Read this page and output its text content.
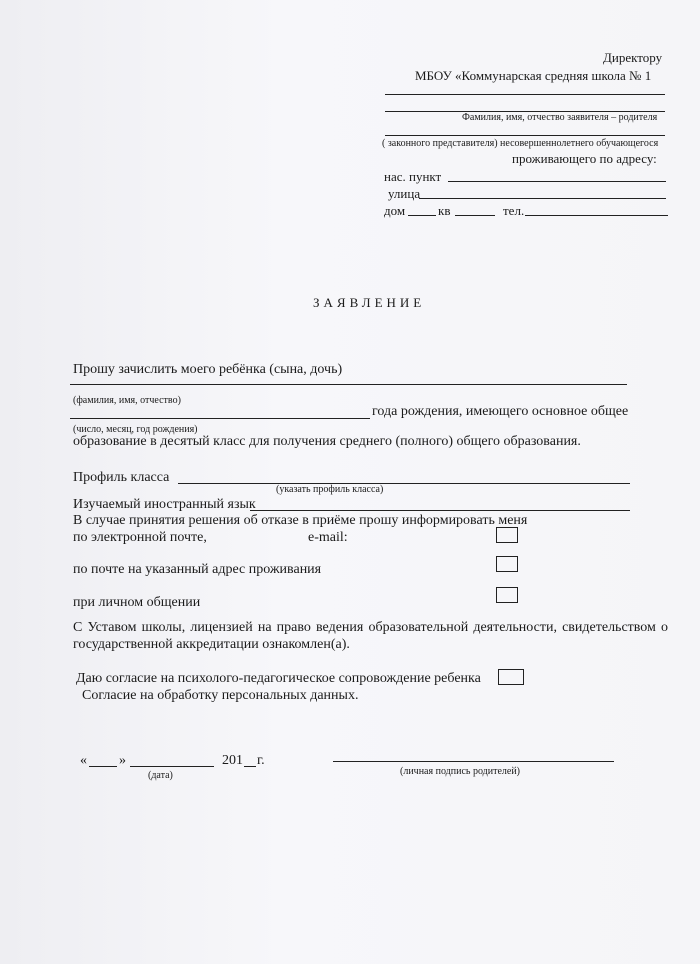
Директору
МБОУ «Коммунарская средняя школа № 1
Фамилия, имя, отчество заявителя – родителя
( законного представителя) несовершеннолетнего обучающегося
проживающего по адресу:
нас. пункт
улица
дом	кв	тел.
ЗАЯВЛЕНИЕ
Прошу зачислить моего ребёнка (сына, дочь)
(фамилия, имя, отчество)
года рождения, имеющего основное общее
(число, месяц, год рождения)
образование в десятый класс для получения среднего (полного) общего образования.
Профиль класса
(указать профиль класса)
Изучаемый иностранный язык
В случае принятия решения об отказе в приёме прошу информировать меня
по электронной почте,	e-mail:
по почте на указанный адрес проживания
при личном общении
С Уставом школы, лицензией на право ведения образовательной деятельности, свидетельством о
государственной аккредитации ознакомлен(а).
Даю согласие на психолого-педагогическое сопровождение ребенка
Согласие на обработку персональных данных.
« »	201 г.
(дата)	(личная подпись родителей)
